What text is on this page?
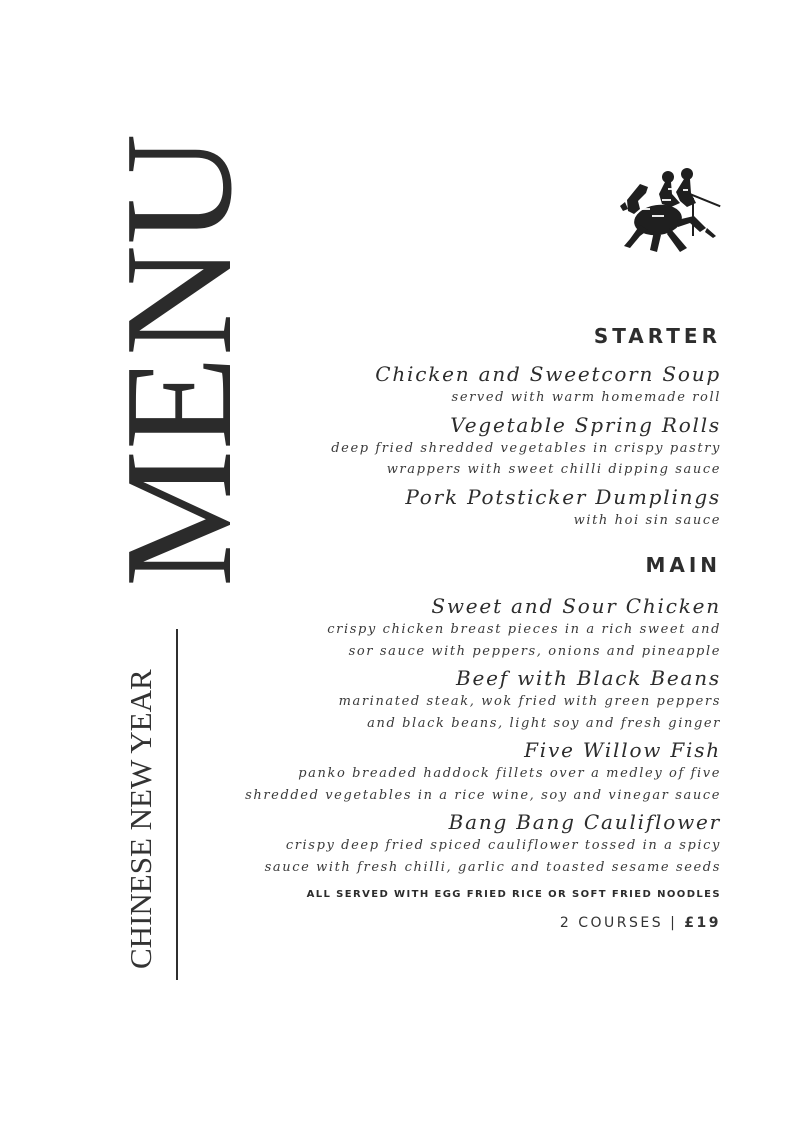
MENU
CHINESE NEW YEAR
STARTER
Chicken and Sweetcorn Soup
served with warm homemade roll
Vegetable Spring Rolls
deep fried shredded vegetables in crispy pastry
wrappers with sweet chilli dipping sauce
Pork Potsticker Dumplings
with hoi sin sauce
MAIN
Sweet and Sour Chicken
crispy chicken breast pieces in a rich sweet and
sor sauce with peppers, onions and pineapple
Beef with Black Beans
marinated steak, wok fried with green peppers
and black beans, light soy and fresh ginger
Five Willow Fish
panko breaded haddock fillets over a medley of five
shredded vegetables in a rice wine, soy and vinegar sauce
Bang Bang Cauliflower
crispy deep fried spiced cauliflower tossed in a spicy
sauce with fresh chilli, garlic and toasted sesame seeds
ALL SERVED WITH EGG FRIED RICE OR SOFT FRIED NOODLES
2 COURSES | £19
